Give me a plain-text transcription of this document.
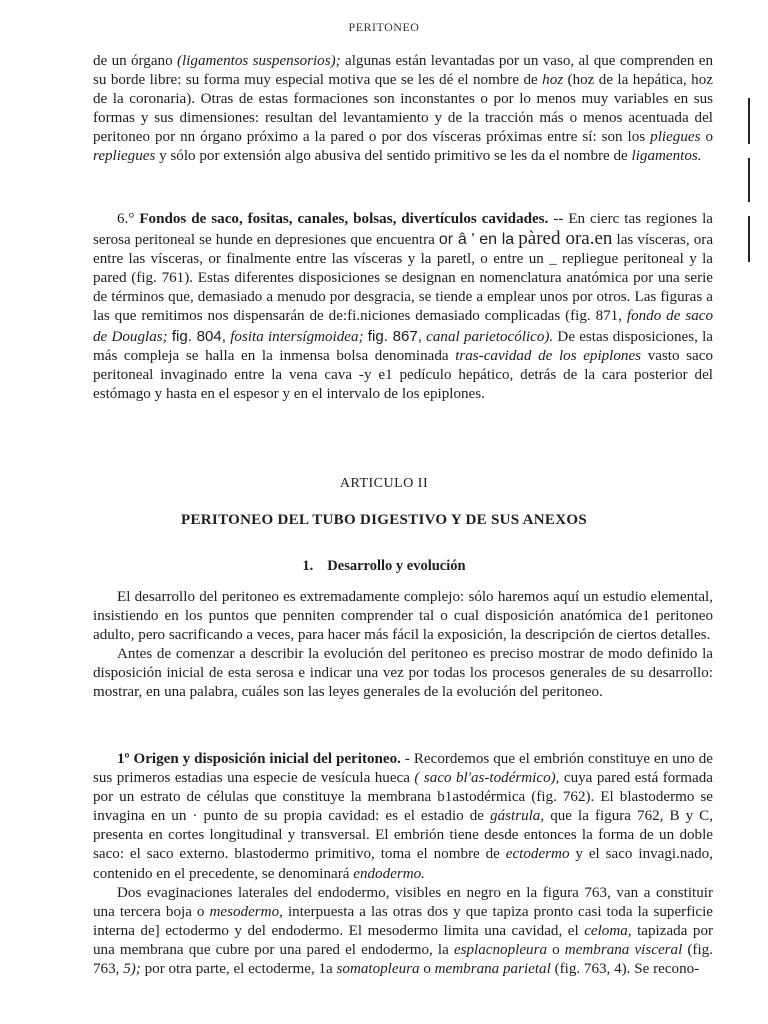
PERITONEO

de un órgano (ligamentos suspensorios); algunas están levantadas por un vaso, al que comprenden en su borde libre: su forma muy especial motiva que se les dé el nombre de hoz (hoz de la hepática, hoz de la coronaria). Otras de estas formaciones son inconstantes o por lo menos muy variables en sus formas y sus dimensiones: resultan del levantamiento y de la tracción más o menos acentuada del peritoneo por nn órgano próximo a la pared o por dos vísceras próximas entre sí: son los pliegues o repliegues y sólo por extensión algo abusiva del sentido primitivo se les da el nombre de ligamentos.

6.° Fondos de saco, fositas, canales, bolsas, divertículos cavidades. -- En cierc tas regiones la serosa peritoneal se hunde en depresiones que encuentra or â ' en la pàred ora.en las vísceras, ora entre las vísceras, or finalmente entre las vísceras y la paretl, o entre un _ repliegue peritoneal y la pared (fig. 761). Estas diferentes disposiciones se designan en nomenclatura anatómica por una serie de términos que, demasiado a menudo por desgracia, se tiende a emplear unos por otros. Las figuras a las que remitimos nos dispensarán de de:fi.niciones demasiado complicadas (fig. 871, fondo de saco de Douglas; fig. 804, fosita intersígmoidea; fig. 867, canal parietocólico). De estas disposiciones, la más compleja se halla en la inmensa bolsa denominada tras-cavidad de los epiplones vasto saco peritoneal invaginado entre la vena cava -y e1 pedículo hepático, detrás de la cara posterior del estómago y hasta en el espesor y en el intervalo de los epiplones.

ARTICULO II
PERITONEO DEL TUBO DIGESTIVO Y DE SUS ANEXOS
1. Desarrollo y evolución

El desarrollo del peritoneo es extremadamente complejo: sólo haremos aquí un estudio elemental, insistiendo en los puntos que penniten comprender tal o cual disposición anatómica de1 peritoneo adulto, pero sacrificando a veces, para hacer más fácil la exposición, la descripción de ciertos detalles.

Antes de comenzar a describir la evolución del peritoneo es preciso mostrar de modo definido la disposición inicial de esta serosa e indicar una vez por todas los procesos generales de su desarrollo: mostrar, en una palabra, cuáles son las leyes generales de la evolución del peritoneo.

1º Origen y disposición inicial del peritoneo. - Recordemos que el embrión constituye en uno de sus primeros estadias una especie de vesícula hueca ( saco bl'as-todérmico), cuya pared está formada por un estrato de células que constituye la membrana b1astodérmica (fig. 762). El blastodermo se invagina en un · punto de su propia cavidad: es el estadio de gástrula, que la figura 762, B y C, presenta en cortes longitudinal y transversal. El embrión tiene desde entonces la forma de un doble saco: el saco externo. blastodermo primitivo, toma el nombre de ectodermo y el saco invagi.nado, contenido en el precedente, se denominará endodermo.

Dos evaginaciones laterales del endodermo, visibles en negro en la figura 763, van a constituir una tercera boja o mesodermo, interpuesta a las otras dos y que tapiza pronto casi toda la superficie interna de] ectodermo y del endodermo. El mesodermo limita una cavidad, el celoma, tapizada por una membrana que cubre por una pared el endodermo, la esplacnopleura o membrana visceral (fig. 763, 5); por otra parte, el ectoderme, 1a somatopleura o membrana parietal (fig. 763, 4). Se recono-
